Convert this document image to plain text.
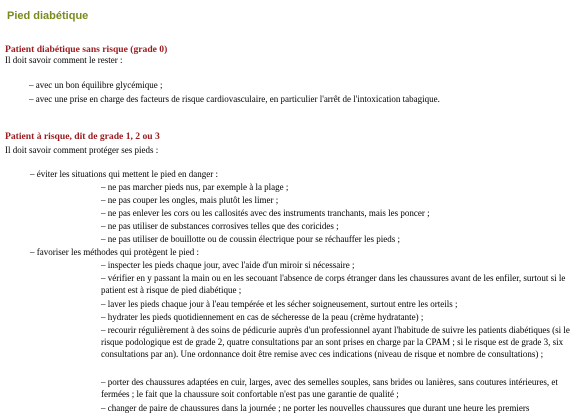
Pied diabétique
Patient diabétique sans risque (grade 0)
Il doit savoir comment le rester :
– avec un bon équilibre glycémique ;
– avec une prise en charge des facteurs de risque cardiovasculaire, en particulier l'arrêt de l'intoxication tabagique.
Patient à risque, dit de grade 1, 2 ou 3
Il doit savoir comment protéger ses pieds :
– éviter les situations qui mettent le pied en danger :
– ne pas marcher pieds nus, par exemple à la plage ;
– ne pas couper les ongles, mais plutôt les limer ;
– ne pas enlever les cors ou les callosités avec des instruments tranchants, mais les poncer ;
– ne pas utiliser de substances corrosives telles que des coricides ;
– ne pas utiliser de bouillotte ou de coussin électrique pour se réchauffer les pieds ;
– favoriser les méthodes qui protègent le pied :
– inspecter les pieds chaque jour, avec l'aide d'un miroir si nécessaire ;
– vérifier en y passant la main ou en les secouant l'absence de corps étranger dans les chaussures avant de les enfiler, surtout si le patient est à risque de pied diabétique ;
– laver les pieds chaque jour à l'eau tempérée et les sécher soigneusement, surtout entre les orteils ;
– hydrater les pieds quotidiennement en cas de sécheresse de la peau (crème hydratante) ;
– recourir régulièrement à des soins de pédicurie auprès d'un professionnel ayant l'habitude de suivre les patients diabétiques (si le risque podologique est de grade 2, quatre consultations par an sont prises en charge par la CPAM ; si le risque est de grade 3, six consultations par an). Une ordonnance doit être remise avec ces indications (niveau de risque et nombre de consultations) ;
– porter des chaussures adaptées en cuir, larges, avec des semelles souples, sans brides ou lanières, sans coutures intérieures, et fermées ; le fait que la chaussure soit confortable n'est pas une garantie de qualité ;
– changer de paire de chaussures dans la journée ; ne porter les nouvelles chaussures que durant une heure les premiers
